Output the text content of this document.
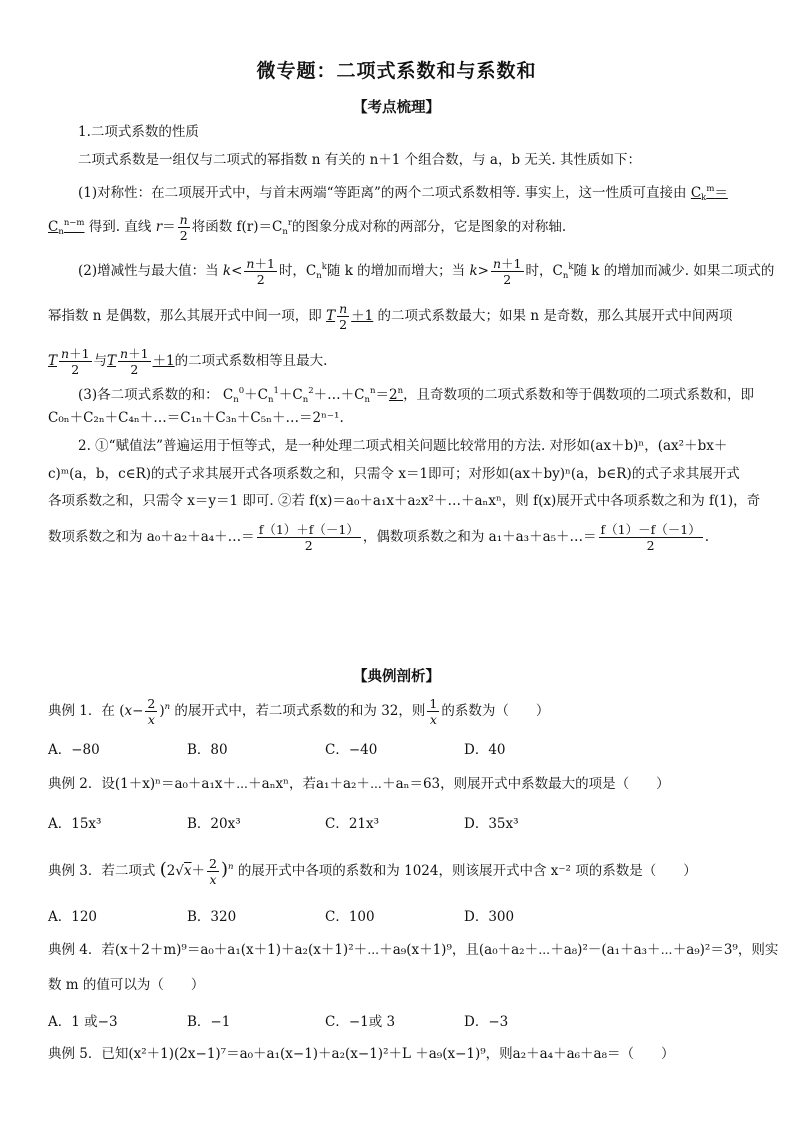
微专题：二项式系数和与系数和
【考点梳理】
1.二项式系数的性质
二项式系数是一组仅与二项式的幂指数 n 有关的 n＋1 个组合数，与 a，b 无关. 其性质如下：
(1)对称性：在二项展开式中，与首末两端“等距离”的两个二项式系数相等. 事实上，这一性质可直接由 $C_k^m=$
$C_n^{n-m}$ 得到. 直线 $r= \frac{n}{2}$ 将函数 $f(r)=C_n^r$的图象分成对称的两部分，它是图象的对称轴.
(2)增减性与最大值：当 $k< \frac{n+1}{2}$ 时，$C_n^k$随 k 的增加而增大；当 $k> \frac{n+1}{2}$ 时，$C_n^k$随 k 的增加而减少. 如果二项式的
幂指数 n 是偶数，那么其展开式中间一项，即 T $\frac{n}{2} +1$ 的二项式系数最大；如果 n 是奇数，那么其展开式中间两项
T $\frac{n+1}{2}$ 与T $\frac{n+1}{2} +1$的二项式系数相等且最大.
(3)各二项式系数的和： $C_n^0+C_n^1+C_n^2+\dots+C_n^n=2^n$，且奇数项的二项式系数和等于偶数项的二项式系数和，即
C₀ₙ＋C₂ₙ＋C₄ₙ＋…＝C₁ₙ＋C₃ₙ＋C₅ₙ＋…＝2ⁿ⁻¹.
2. ①“赋值法”普遍运用于恒等式，是一种处理二项式相关问题比较常用的方法. 对形如(ax＋b)ⁿ，(ax²＋bx＋
c)ᵐ(a，b，c∈R)的式子求其展开式各项系数之和，只需令 x＝1即可；对形如(ax＋by)ⁿ(a，b∈R)的式子求其展开式
各项系数之和，只需令 x＝y＝1 即可. ②若 f(x)＝a₀＋a₁x＋a₂x²＋…＋aₙxⁿ，则 f(x)展开式中各项系数之和为 f(1)，奇
数项系数之和为 a₀＋a₂＋a₄＋…＝ $\frac{f(1)+f(-1)}{2}$ ，偶数项系数之和为 a₁＋a₃＋a₅＋…＝ $\frac{f(1)-f(-1)}{2}$ .
【典例剖析】
典例 1．在 $(x- \frac{2}{x} )^n$ 的展开式中，若二项式系数的和为 32，则 $\frac{1}{x}$ 的系数为（　　）
A．−80	B．80	C．−40	D．40
典例 2．设(1＋x)ⁿ＝a₀＋a₁x＋⋯＋aₙxⁿ，若a₁＋a₂＋⋯＋aₙ＝63，则展开式中系数最大的项是（　　）
A．15x³	B．20x³	C．21x³	D．35x³
典例 3．若二项式 $(2√x+ \frac{2}{x} )^n$ 的展开式中各项的系数和为 1024，则该展开式中含 x⁻² 项的系数是（　　）
A．120	B．320	C．100	D．300
典例 4．若(x＋2＋m)⁹＝a₀＋a₁(x＋1)＋a₂(x＋1)²＋⋯＋a₉(x＋1)⁹，且(a₀＋a₂＋⋯＋a₈)²－(a₁＋a₃＋⋯＋a₉)²＝3⁹，则实
数 m 的值可以为（　　）
A．1 或−3	B．−1	C．−1或 3	D．−3
典例 5．已知(x²＋1)(2x−1)⁷＝a₀＋a₁(x−1)＋a₂(x−1)²＋L ＋a₉(x−1)⁹，则a₂＋a₄＋a₆＋a₈＝（　　）
